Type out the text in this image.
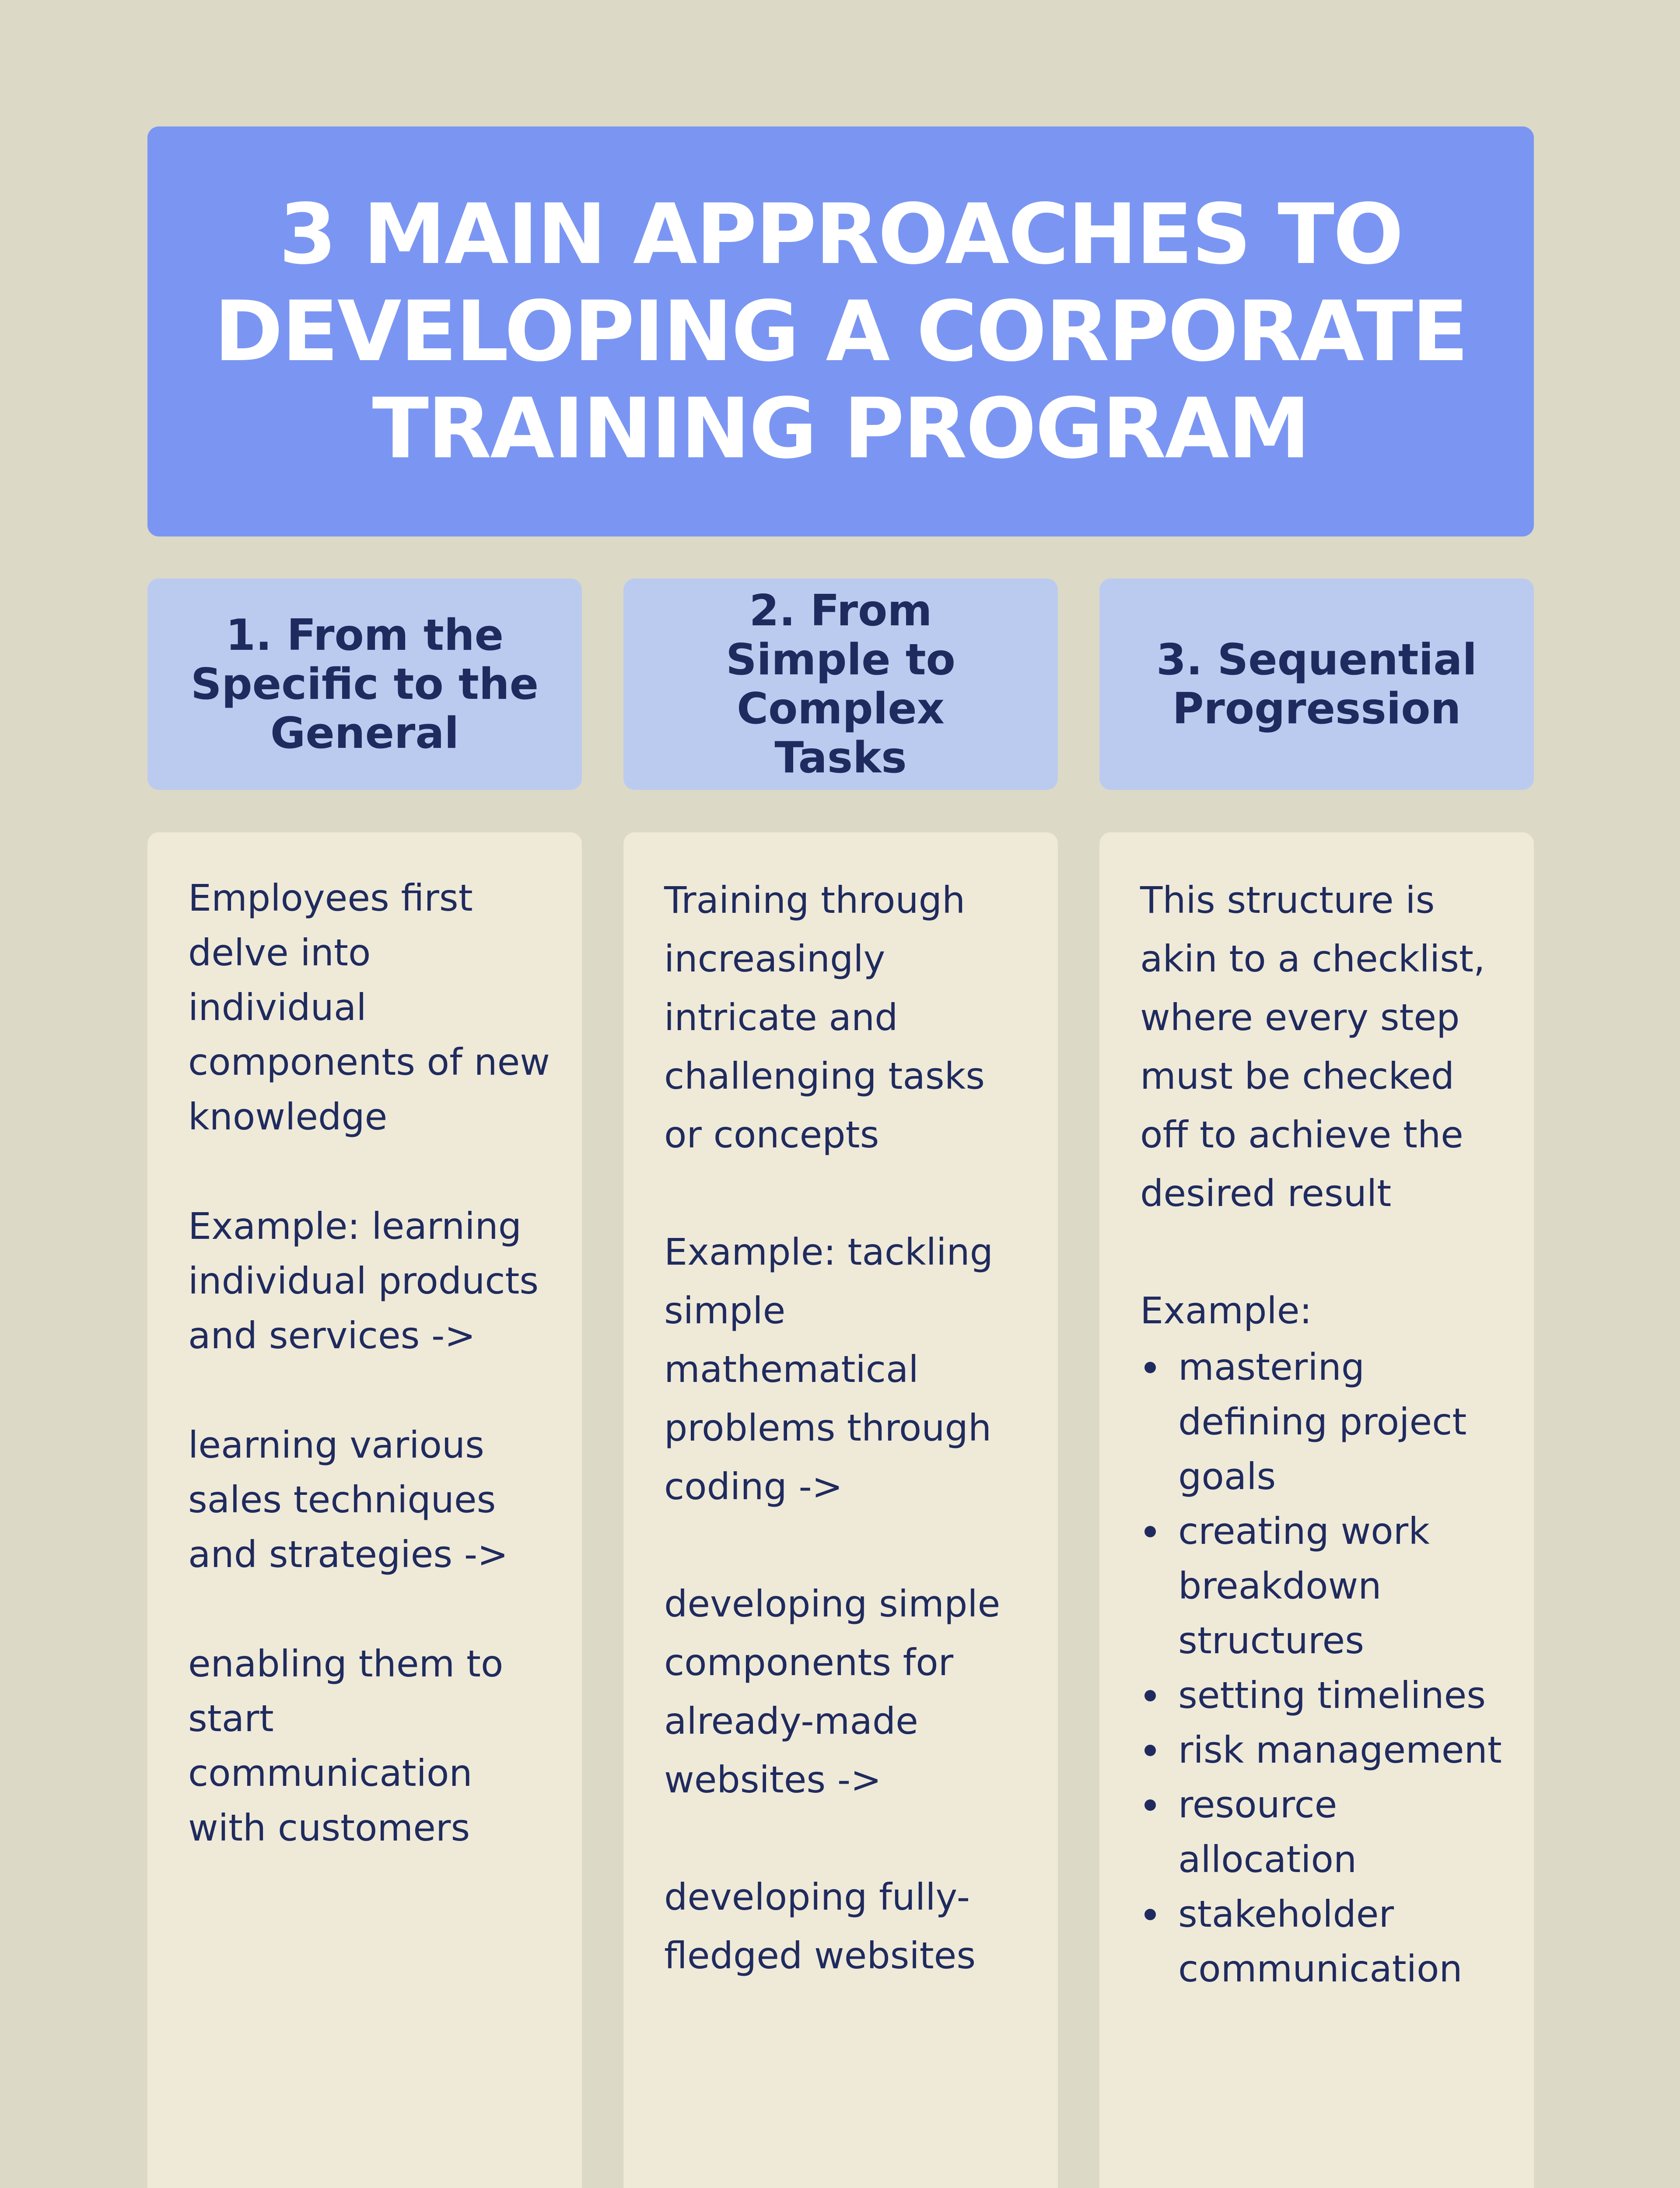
3 MAIN APPROACHES TO DEVELOPING A CORPORATE TRAINING PROGRAM
1. From the Specific to the General

Employees first delve into individual components of new knowledge

Example: learning individual products and services ->

learning various sales techniques and strategies ->

enabling them to start communication with customers

2. From Simple to Complex Tasks

Training through increasingly intricate and challenging tasks or concepts

Example: tackling simple mathematical problems through coding ->

developing simple components for already-made websites ->

developing fully-fledged websites

3. Sequential Progression

This structure is akin to a checklist, where every step must be checked off to achieve the desired result

Example:

mastering defining project goals
creating work breakdown structures
setting timelines
risk management
resource allocation
stakeholder communication
